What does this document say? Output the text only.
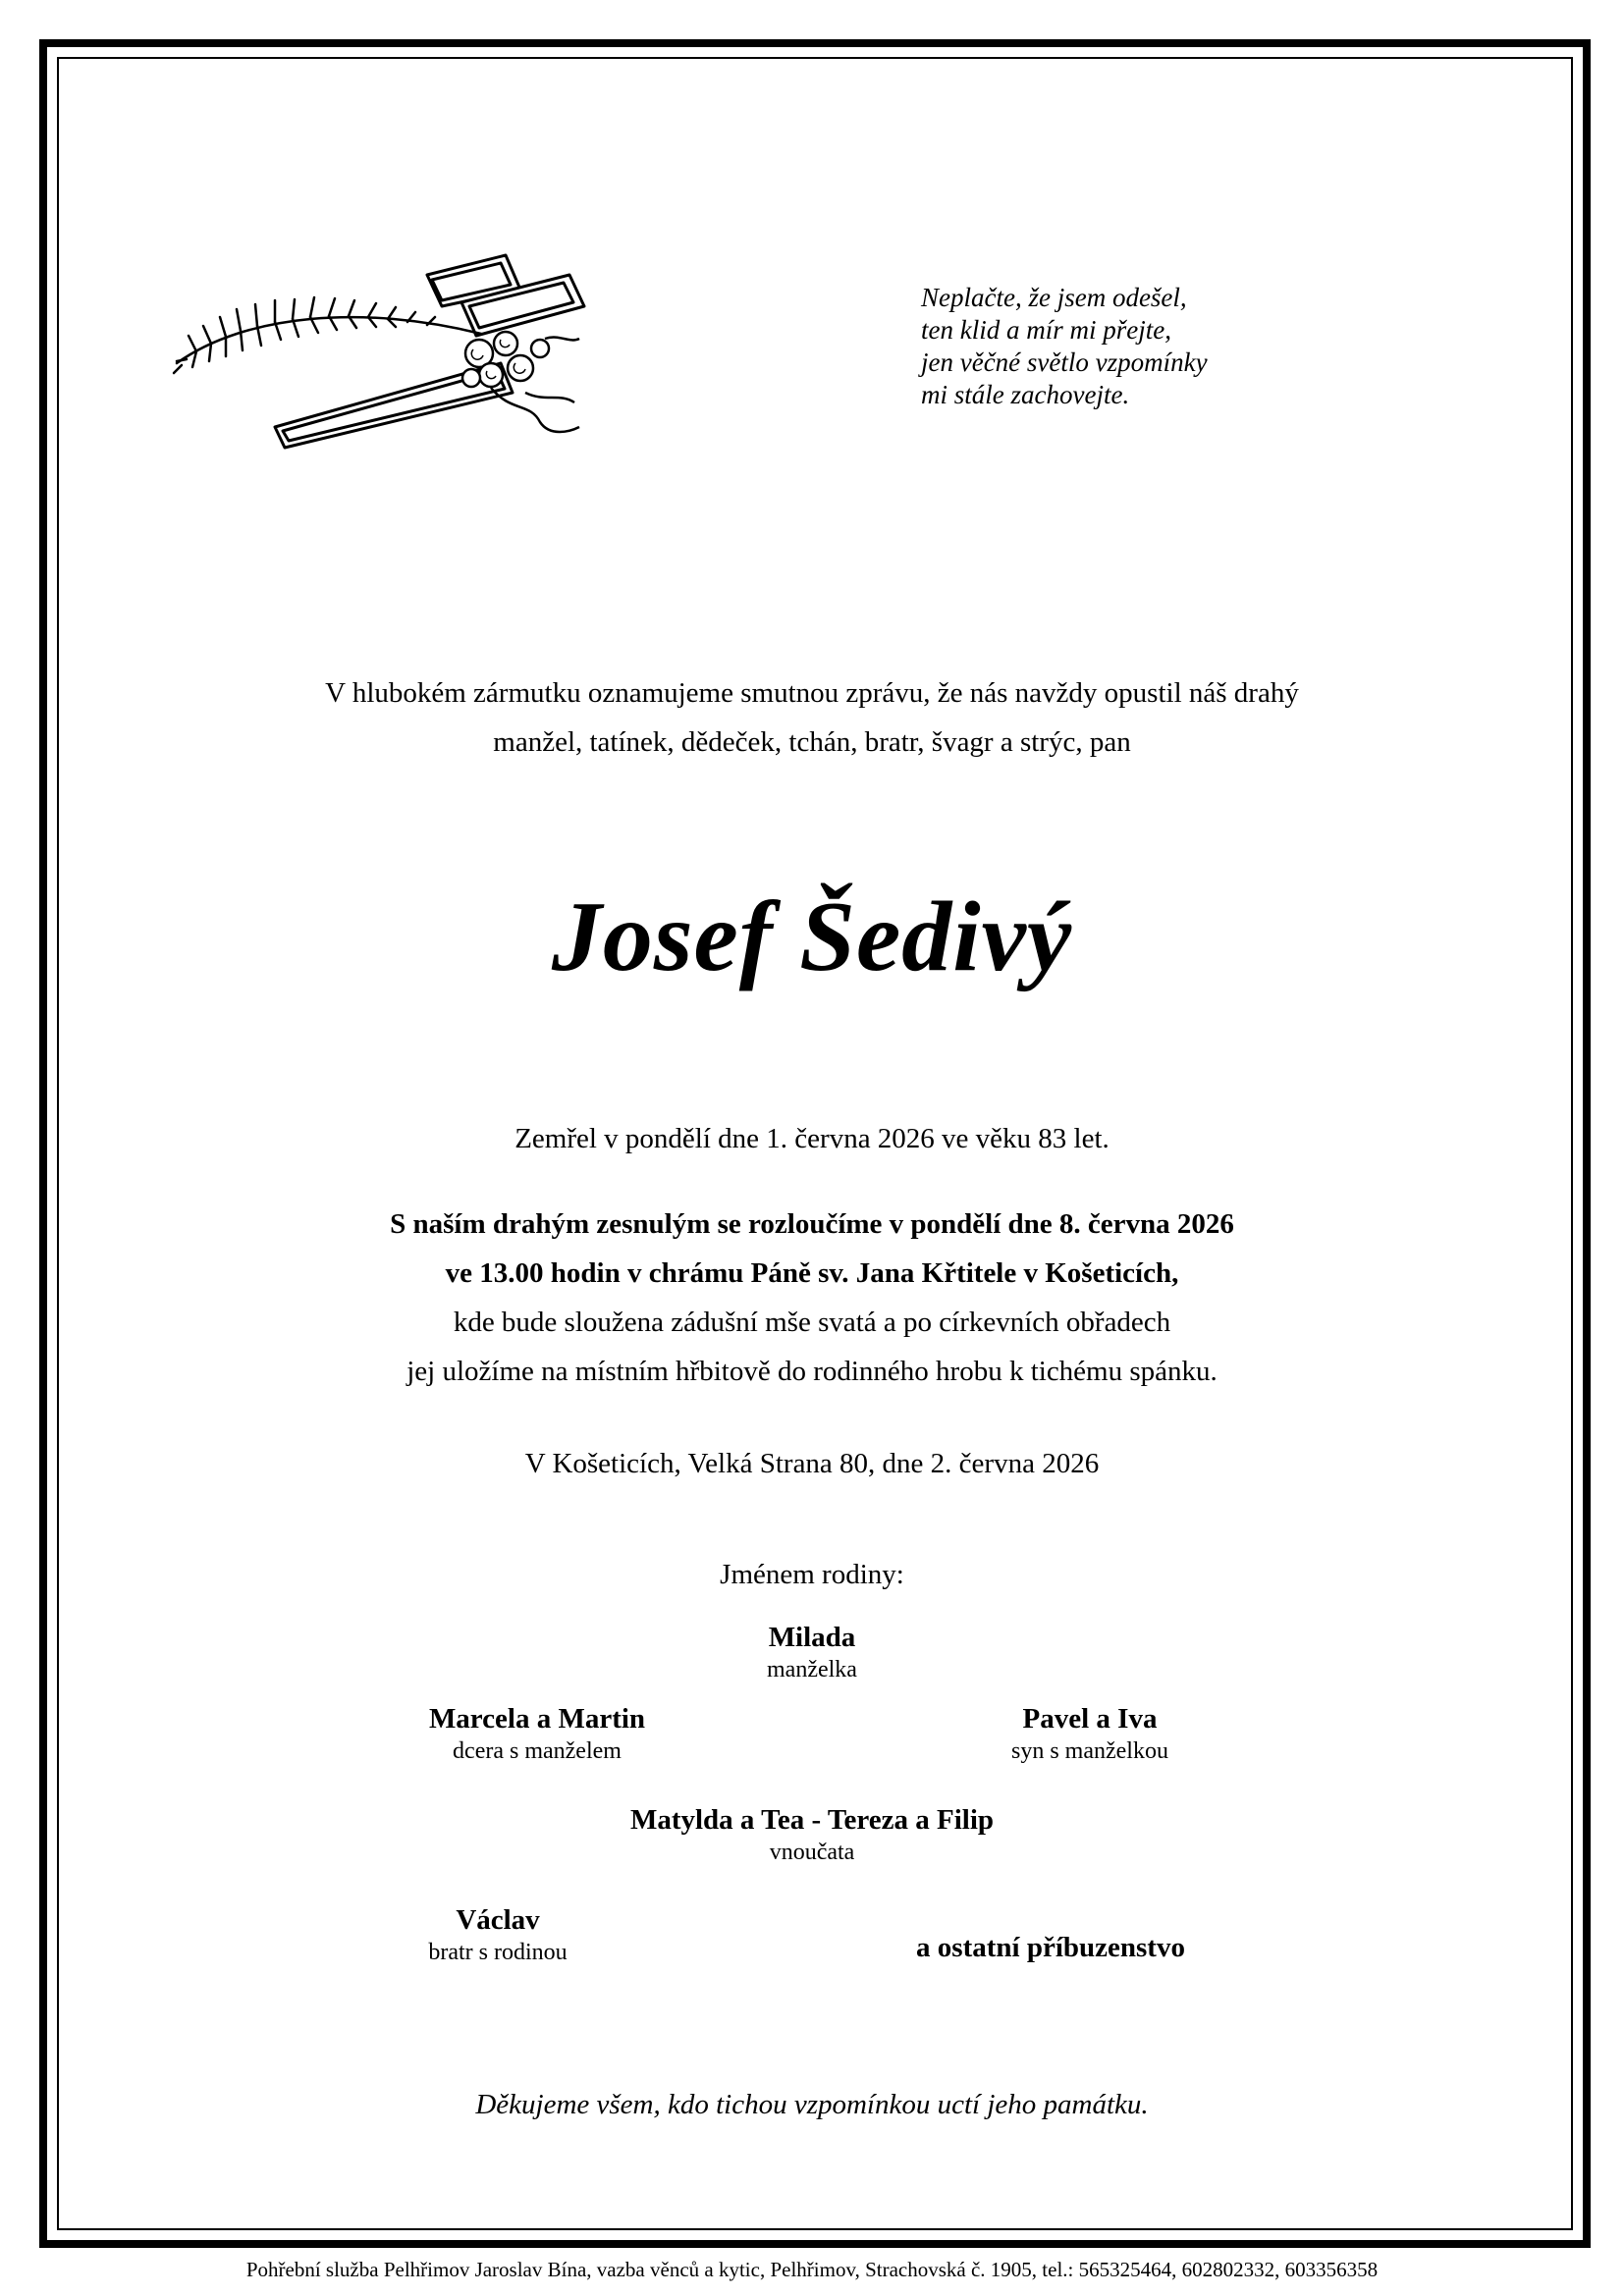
Neplačte, že jsem odešel,
ten klid a mír mi přejte,
jen věčné světlo vzpomínky
mi stále zachovejte.
V hlubokém zármutku oznamujeme smutnou zprávu, že nás navždy opustil náš drahý
manžel, tatínek, dědeček, tchán, bratr, švagr a strýc, pan
Josef Šedivý
Zemřel v pondělí dne 1. června 2026 ve věku 83 let.
S naším drahým zesnulým se rozloučíme v pondělí dne 8. června 2026
ve 13.00 hodin v chrámu Páně sv. Jana Křtitele v Košeticích,
kde bude sloužena zádušní mše svatá a po církevních obřadech
jej uložíme na místním hřbitově do rodinného hrobu k tichému spánku.
V Košeticích, Velká Strana 80, dne 2. června 2026
Jménem rodiny:
Milada
manželka
Marcela a Martin
dcera s manželem
Pavel a Iva
syn s manželkou
Matylda a Tea - Tereza a Filip
vnoučata
Václav
bratr s rodinou	a ostatní příbuzenstvo
Děkujeme všem, kdo tichou vzpomínkou uctí jeho památku.
Pohřební služba Pelhřimov Jaroslav Bína, vazba věnců a kytic, Pelhřimov, Strachovská č. 1905, tel.: 565325464, 602802332, 603356358
